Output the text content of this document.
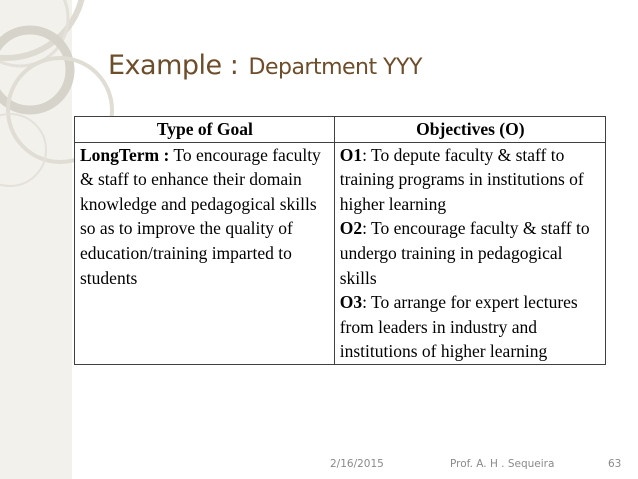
Example : Department YYY
Type of Goal	Objectives (O)
LongTerm : To encourage faculty & staff to enhance their domain knowledge and pedagogical skills so as to improve the quality of education/training imparted to students	O1: To depute faculty & staff to training programs in institutions of higher learning
O2: To encourage faculty & staff to undergo training in pedagogical skills
O3: To arrange for expert lectures from leaders in industry and institutions of higher learning
2/16/2015	Prof. A. H . Sequeira	63
